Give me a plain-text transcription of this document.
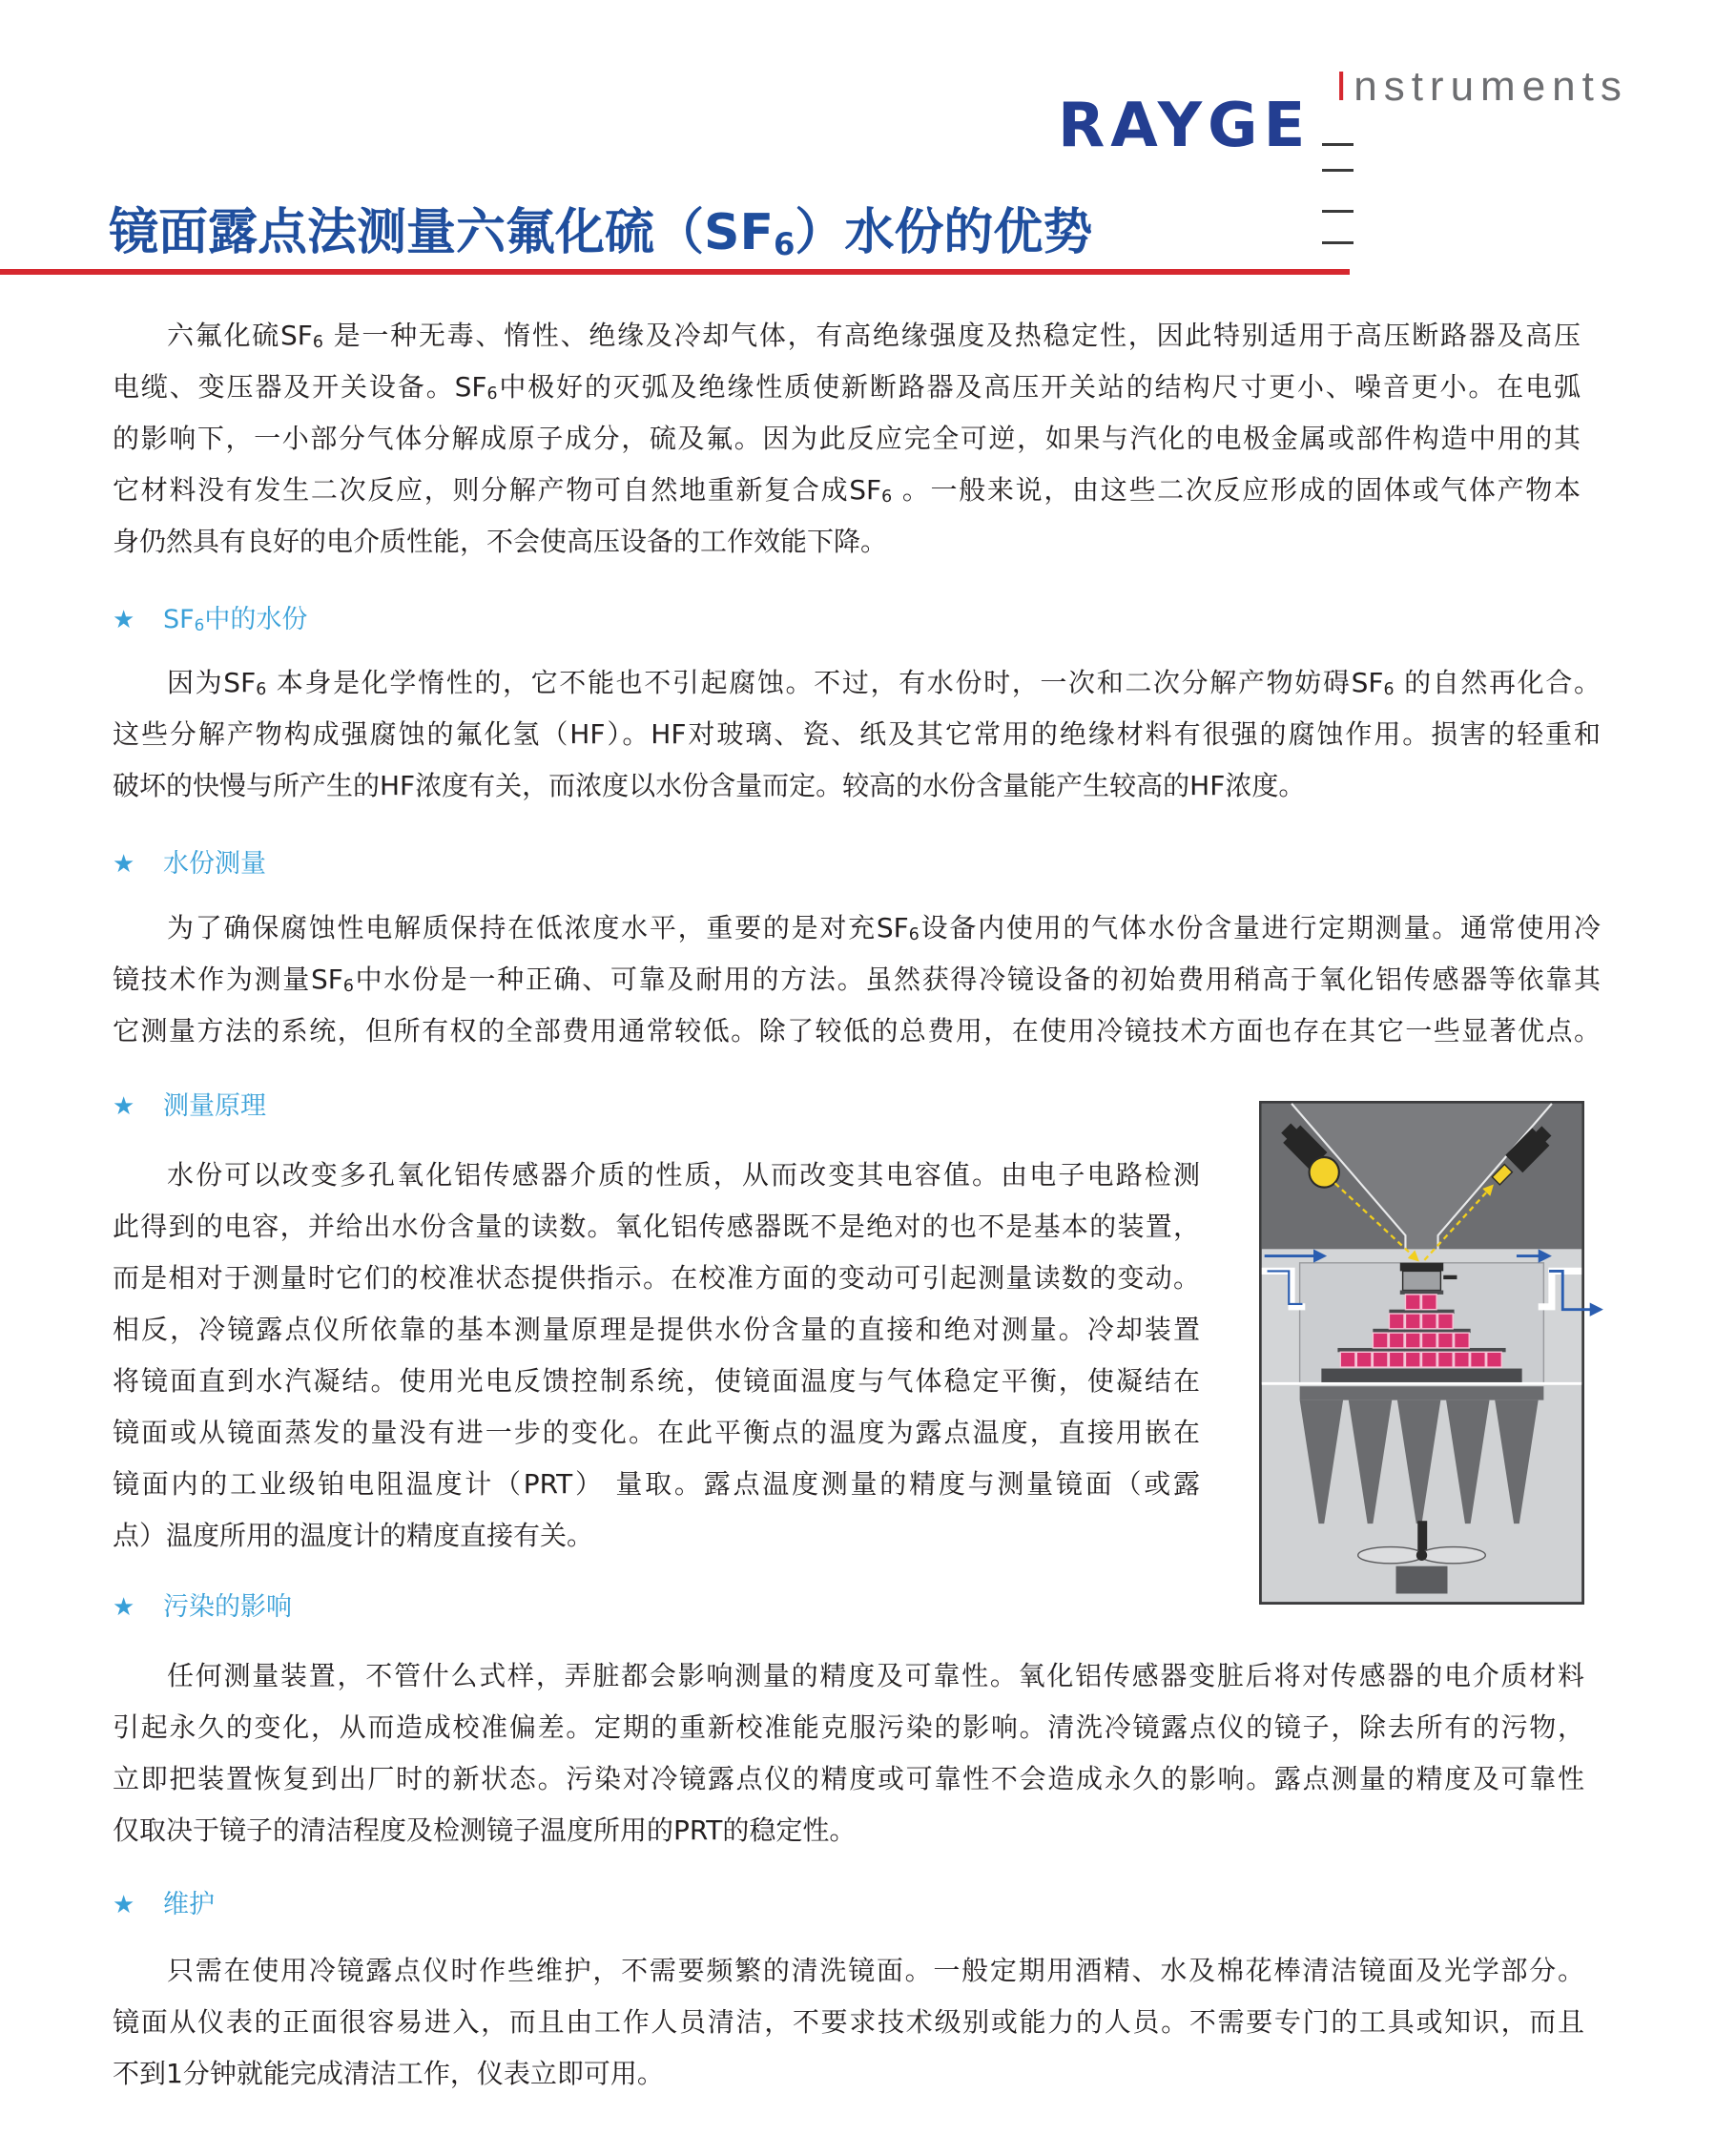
Instruments
RAYGE
镜面露点法测量六氟化硫（SF6）水份的优势
六氟化硫SF6 是一种无毒、惰性、绝缘及冷却气体，有高绝缘强度及热稳定性，因此特别适用于高压断路器及高压
电缆、变压器及开关设备。SF6中极好的灭弧及绝缘性质使新断路器及高压开关站的结构尺寸更小、噪音更小。在电弧
的影响下，一小部分气体分解成原子成分，硫及氟。因为此反应完全可逆，如果与汽化的电极金属或部件构造中用的其
它材料没有发生二次反应，则分解产物可自然地重新复合成SF6 。一般来说，由这些二次反应形成的固体或气体产物本
身仍然具有良好的电介质性能，不会使高压设备的工作效能下降。
★ SF6中的水份
因为SF6 本身是化学惰性的，它不能也不引起腐蚀。不过，有水份时，一次和二次分解产物妨碍SF6 的自然再化合。
这些分解产物构成强腐蚀的氟化氢（HF）。HF对玻璃、瓷、纸及其它常用的绝缘材料有很强的腐蚀作用。损害的轻重和
破坏的快慢与所产生的HF浓度有关，而浓度以水份含量而定。较高的水份含量能产生较高的HF浓度。
★ 水份测量
为了确保腐蚀性电解质保持在低浓度水平，重要的是对充SF6设备内使用的气体水份含量进行定期测量。通常使用冷
镜技术作为测量SF6中水份是一种正确、可靠及耐用的方法。虽然获得冷镜设备的初始费用稍高于氧化铝传感器等依靠其
它测量方法的系统，但所有权的全部费用通常较低。除了较低的总费用，在使用冷镜技术方面也存在其它一些显著优点。
★ 测量原理
水份可以改变多孔氧化铝传感器介质的性质，从而改变其电容值。由电子电路检测
此得到的电容，并给出水份含量的读数。氧化铝传感器既不是绝对的也不是基本的装置，
而是相对于测量时它们的校准状态提供指示。在校准方面的变动可引起测量读数的变动。
相反，冷镜露点仪所依靠的基本测量原理是提供水份含量的直接和绝对测量。冷却装置
将镜面直到水汽凝结。使用光电反馈控制系统，使镜面温度与气体稳定平衡，使凝结在
镜面或从镜面蒸发的量没有进一步的变化。在此平衡点的温度为露点温度，直接用嵌在
镜面内的工业级铂电阻温度计（PRT） 量取。露点温度测量的精度与测量镜面（或露
点）温度所用的温度计的精度直接有关。
★ 污染的影响
任何测量装置，不管什么式样，弄脏都会影响测量的精度及可靠性。氧化铝传感器变脏后将对传感器的电介质材料
引起永久的变化，从而造成校准偏差。定期的重新校准能克服污染的影响。清洗冷镜露点仪的镜子，除去所有的污物，
立即把装置恢复到出厂时的新状态。污染对冷镜露点仪的精度或可靠性不会造成永久的影响。露点测量的精度及可靠性
仅取决于镜子的清洁程度及检测镜子温度所用的PRT的稳定性。
★ 维护
只需在使用冷镜露点仪时作些维护，不需要频繁的清洗镜面。一般定期用酒精、水及棉花棒清洁镜面及光学部分。
镜面从仪表的正面很容易进入，而且由工作人员清洁，不要求技术级别或能力的人员。不需要专门的工具或知识，而且
不到1分钟就能完成清洁工作，仪表立即可用。
